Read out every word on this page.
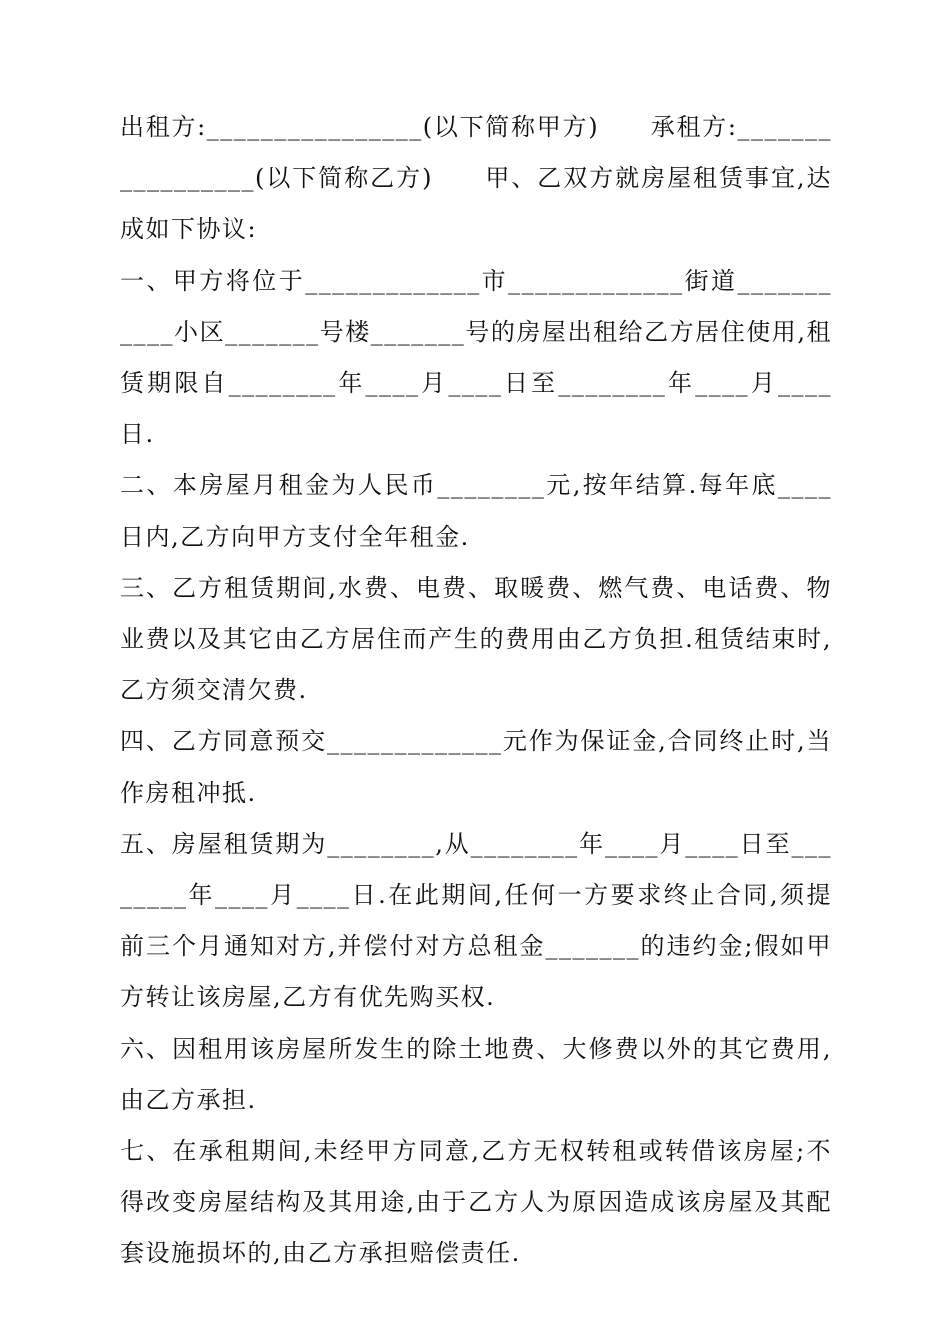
出租方:________________(以下简称甲方)　　承租方:_________________(以下简称乙方)　　甲、乙双方就房屋租赁事宜,达成如下协议:

一、甲方将位于_____________市_____________街道___________小区_______号楼_______号的房屋出租给乙方居住使用,租赁期限自________年____月____日至________年____月____日.

二、本房屋月租金为人民币________元,按年结算.每年底____日内,乙方向甲方支付全年租金.

三、乙方租赁期间,水费、电费、取暖费、燃气费、电话费、物业费以及其它由乙方居住而产生的费用由乙方负担.租赁结束时,乙方须交清欠费.

四、乙方同意预交_____________元作为保证金,合同终止时,当作房租冲抵.

五、房屋租赁期为________,从________年____月____日至________年____月____日.在此期间,任何一方要求终止合同,须提前三个月通知对方,并偿付对方总租金_______的违约金;假如甲方转让该房屋,乙方有优先购买权.

六、因租用该房屋所发生的除土地费、大修费以外的其它费用,由乙方承担.

七、在承租期间,未经甲方同意,乙方无权转租或转借该房屋;不得改变房屋结构及其用途,由于乙方人为原因造成该房屋及其配套设施损坏的,由乙方承担赔偿责任.
